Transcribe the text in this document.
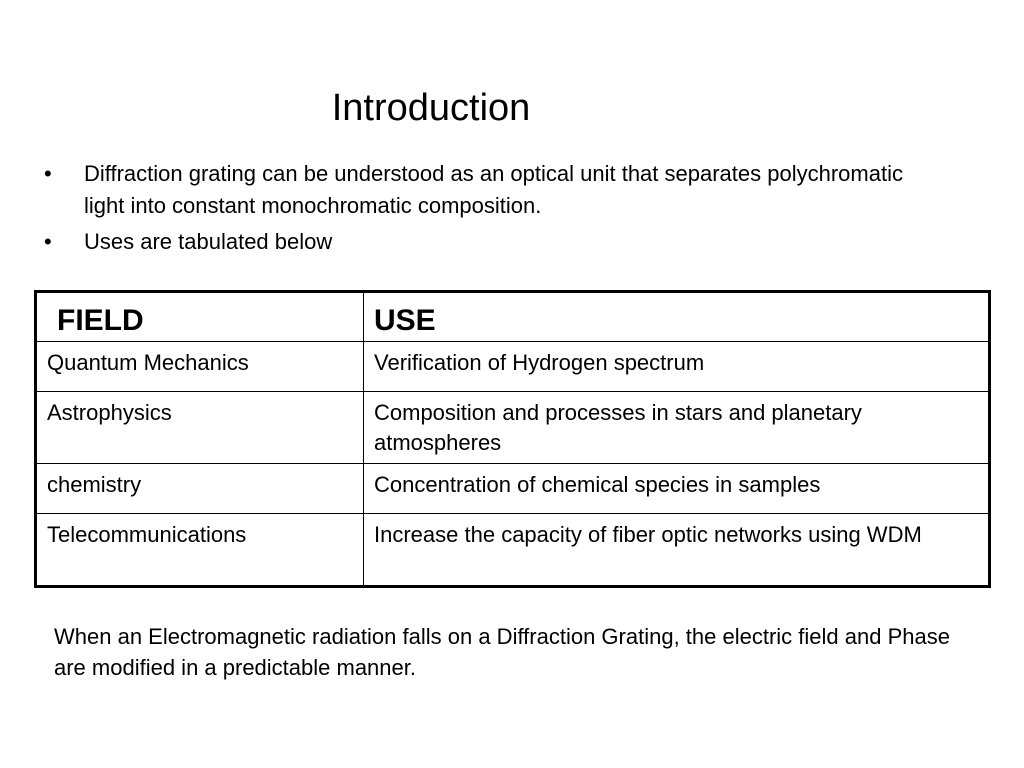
Introduction
• Diffraction grating can be understood as an optical unit that separates polychromatic light into constant monochromatic composition.
• Uses are tabulated below
FIELD	USE
Quantum Mechanics	Verification of Hydrogen spectrum
Astrophysics	Composition and processes in stars and planetary atmospheres
chemistry	Concentration of chemical species in samples
Telecommunications	Increase the capacity of fiber optic networks using WDM

When an Electromagnetic radiation falls on a Diffraction Grating, the electric field and Phase are modified in a predictable manner.
